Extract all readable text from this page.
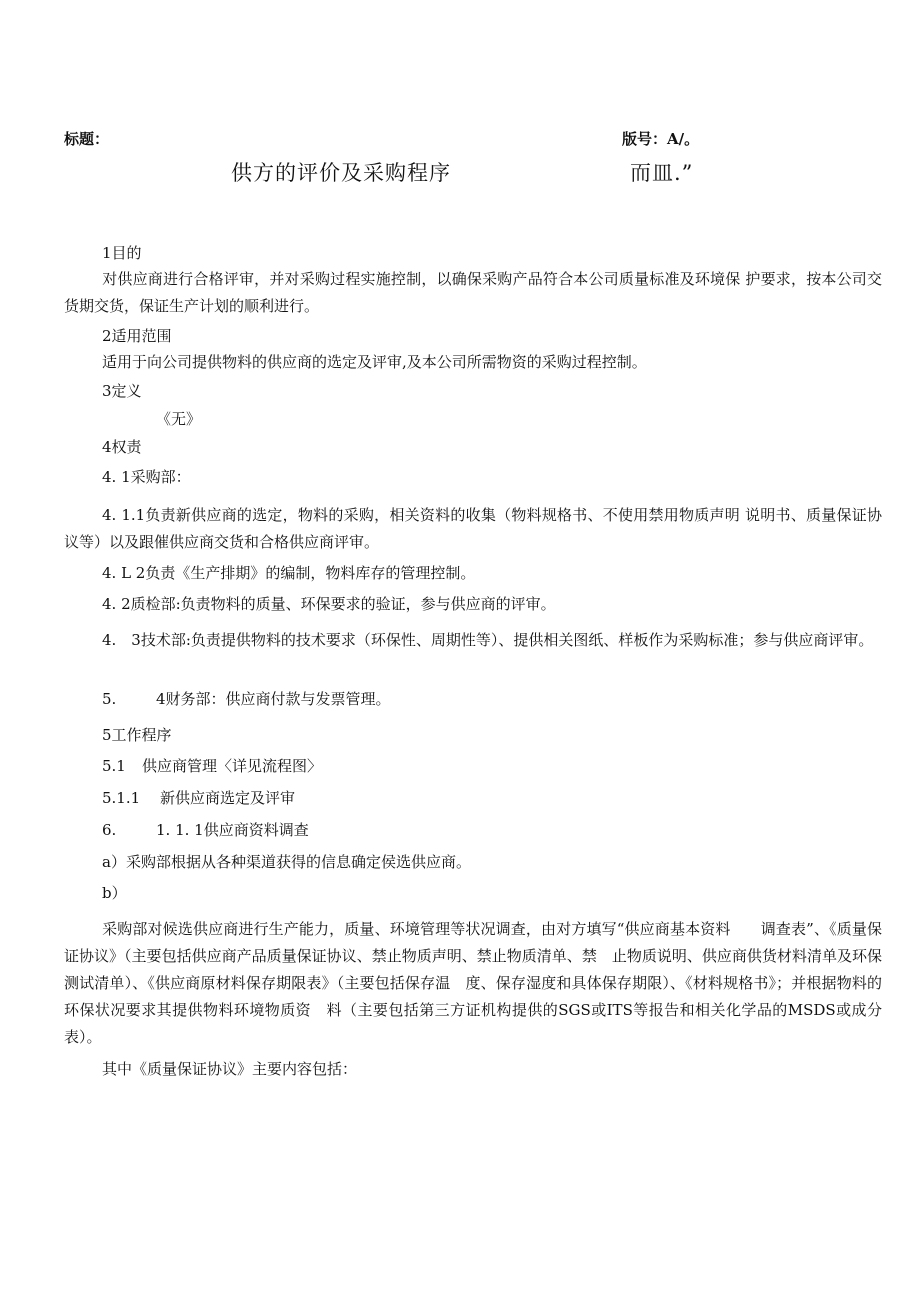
标题：	版号：A/。
供方的评价及采购程序	而皿.”
1目的
对供应商进行合格评审，并对采购过程实施控制，以确保采购产品符合本公司质量标准及环境保 护要求，按本公司交货期交货，保证生产计划的顺利进行。
2适用范围
适用于向公司提供物料的供应商的选定及评审,及本公司所需物资的采购过程控制。
3定义
《无》
4权责
4. 1采购部：
4. 1.1负责新供应商的选定，物料的采购，相关资料的收集（物料规格书、不使用禁用物质声明 说明书、质量保证协议等）以及跟催供应商交货和合格供应商评审。
4. L 2负责《生产排期》的编制，物料库存的管理控制。
4. 2质检部:负责物料的质量、环保要求的验证，参与供应商的评审。
4.　3技术部:负责提供物料的技术要求（环保性、周期性等）、提供相关图纸、样板作为采购标准；参与供应商评审。
5.	4财务部：供应商付款与发票管理。
5工作程序
5.1 供应商管理〈详见流程图〉
5.1.1 新供应商选定及评审
6.	1. 1. 1供应商资料调查
a）采购部根据从各种渠道获得的信息确定侯选供应商。
b）
采购部对候选供应商进行生产能力，质量、环境管理等状况调查，由对方填写“供应商基本资料　　调查表”、《质量保证协议》（主要包括供应商产品质量保证协议、禁止物质声明、禁止物质清单、禁　止物质说明、供应商供货材料清单及环保测试清单）、《供应商原材料保存期限表》（主要包括保存温　度、保存湿度和具体保存期限）、《材料规格书》；并根据物料的环保状况要求其提供物料环境物质资　料（主要包括第三方证机构提供的SGS或ITS等报告和相关化学品的MSDS或成分表）。
其中《质量保证协议》主要内容包括：
